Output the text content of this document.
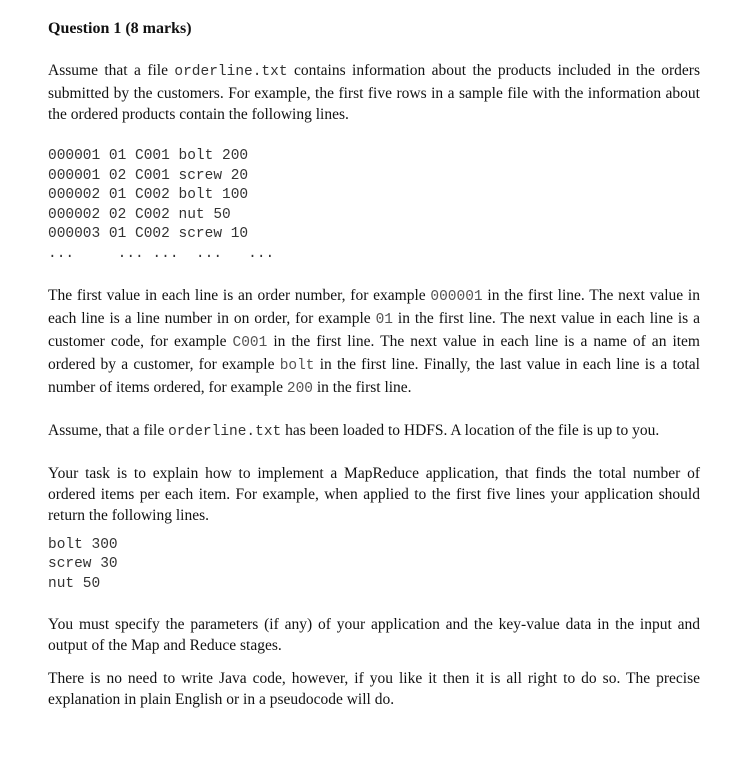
Question 1 (8 marks)

Assume that a file orderline.txt contains information about the products included in the orders submitted by the customers. For example, the first five rows in a sample file with the information about the ordered products contain the following lines.

000001 01 C001 bolt 200
000001 02 C001 screw 20
000002 01 C002 bolt 100
000002 02 C002 nut 50
000003 01 C002 screw 10
...     ... ...  ...   ...

The first value in each line is an order number, for example 000001 in the first line. The next value in each line is a line number in on order, for example 01 in the first line. The next value in each line is a customer code, for example C001 in the first line. The next value in each line is a name of an item ordered by a customer, for example bolt in the first line. Finally, the last value in each line is a total number of items ordered, for example 200 in the first line.

Assume, that a file orderline.txt has been loaded to HDFS. A location of the file is up to you.

Your task is to explain how to implement a MapReduce application, that finds the total number of ordered items per each item. For example, when applied to the first five lines your application should return the following lines.

bolt 300
screw 30
nut 50

You must specify the parameters (if any) of your application and the key-value data in the input and output of the Map and Reduce stages.

There is no need to write Java code, however, if you like it then it is all right to do so. The precise explanation in plain English or in a pseudocode will do.
